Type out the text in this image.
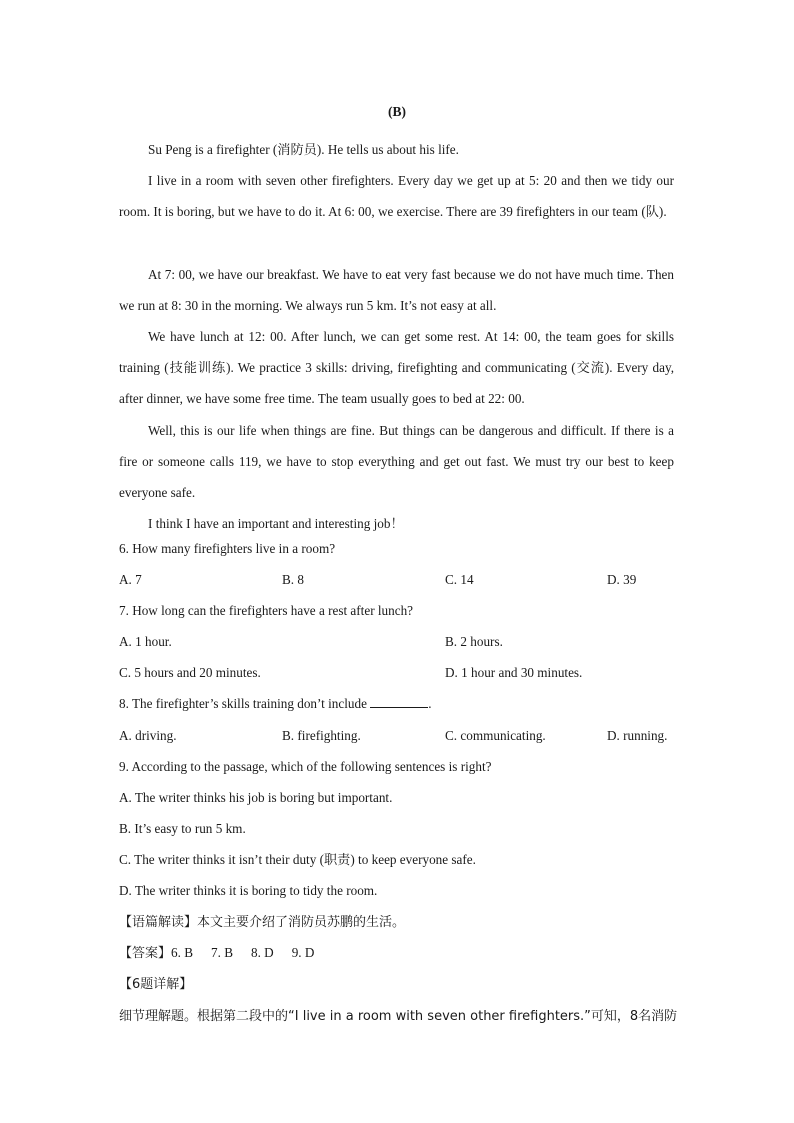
(B)

Su Peng is a firefighter (消防员). He tells us about his life.

I live in a room with seven other firefighters. Every day we get up at 5: 20 and then we tidy our room. It is boring, but we have to do it. At 6: 00, we exercise. There are 39 firefighters in our team (队).

At 7: 00, we have our breakfast. We have to eat very fast because we do not have much time. Then we run at 8: 30 in the morning. We always run 5 km. It’s not easy at all.

We have lunch at 12: 00. After lunch, we can get some rest. At 14: 00, the team goes for skills training (技能训练). We practice 3 skills: driving, firefighting and communicating (交流). Every day, after dinner, we have some free time. The team usually goes to bed at 22: 00.

Well, this is our life when things are fine. But things can be dangerous and difficult. If there is a fire or someone calls 119, we have to stop everything and get out fast. We must try our best to keep everyone safe.

I think I have an important and interesting job！

6. How many firefighters live in a room?
A. 7	B. 8	C. 14	D. 39
7. How long can the firefighters have a rest after lunch?
A. 1 hour.	B. 2 hours.
C. 5 hours and 20 minutes.	D. 1 hour and 30 minutes.
8. The firefighter’s skills training don’t include	.
A. driving.	B. firefighting.	C. communicating.	D. running.
9. According to the passage, which of the following sentences is right?
A. The writer thinks his job is boring but important.
B. It’s easy to run 5 km.
C. The writer thinks it isn’t their duty (职责) to keep everyone safe.
D. The writer thinks it is boring to tidy the room.
【语篇解读】本文主要介绍了消防员苏鹏的生活。
【答案】6. B 7. B 8. D 9. D
【6题详解】
细节理解题。根据第二段中的“I live in a room with seven other firefighters.”可知，8名消防
